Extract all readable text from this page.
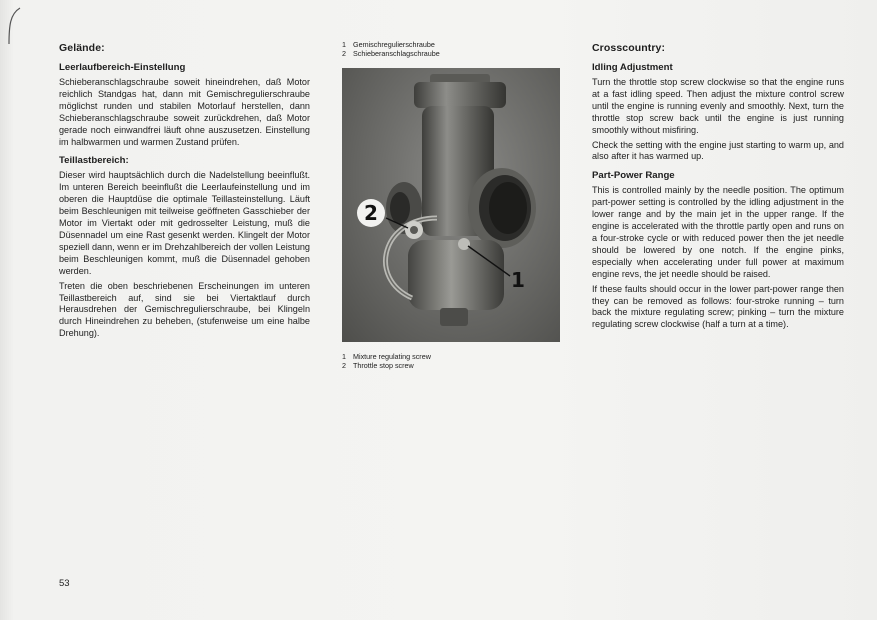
Gelände:
Leerlaufbereich-Einstellung

Schieberanschlagschraube soweit hineindrehen, daß Motor reichlich Standgas hat, dann mit Gemischregulierschraube möglichst runden und stabilen Motorlauf herstellen, dann Schieberanschlagschraube soweit zurückdrehen, daß Motor gerade noch einwandfrei läuft ohne auszusetzen. Einstellung im halbwarmen und warmen Zustand prüfen.

Teillastbereich:

Dieser wird hauptsächlich durch die Nadelstellung beeinflußt. Im unteren Bereich beeinflußt die Leerlaufeinstellung und im oberen die Hauptdüse die optimale Teillasteinstellung. Läuft beim Beschleunigen mit teilweise geöffneten Gasschieber der Motor im Viertakt oder mit gedrosselter Leistung, muß die Düsennadel um eine Rast gesenkt werden. Klingelt der Motor speziell dann, wenn er im Drehzahlbereich der vollen Leistung beim Beschleunigen kommt, muß die Düsennadel gehoben werden.

Treten die oben beschriebenen Erscheinungen im unteren Teillastbereich auf, sind sie bei Viertaktlauf durch Herausdrehen der Gemischregulierschraube, bei Klingeln durch Hineindrehen zu beheben, (stufenweise um eine halbe Drehung).

1 Gemischregulierschraube

2 Schieberanschlagschraube

2
1

1 Mixture regulating screw

2 Throttle stop screw

Crosscountry:
Idling Adjustment

Turn the throttle stop screw clockwise so that the engine runs at a fast idling speed. Then adjust the mixture control screw until the engine is running evenly and smoothly. Next, turn the throttle stop screw back until the engine is just running smoothly without misfiring.

Check the setting with the engine just starting to warm up, and also after it has warmed up.

Part-Power Range

This is controlled mainly by the needle position. The optimum part-power setting is controlled by the idling adjustment in the lower range and by the main jet in the upper range. If the engine is accelerated with the throttle partly open and runs on a four-stroke cycle or with reduced power then the jet needle should be lowered by one notch. If the engine pinks, especially when accelerating under full power at maximum engine revs, the jet needle should be raised.

If these faults should occur in the lower part-power range then they can be removed as follows: four-stroke running – turn back the mixture regulating screw; pinking – turn the mixture regulating screw clockwise (half a turn at a time).

53
